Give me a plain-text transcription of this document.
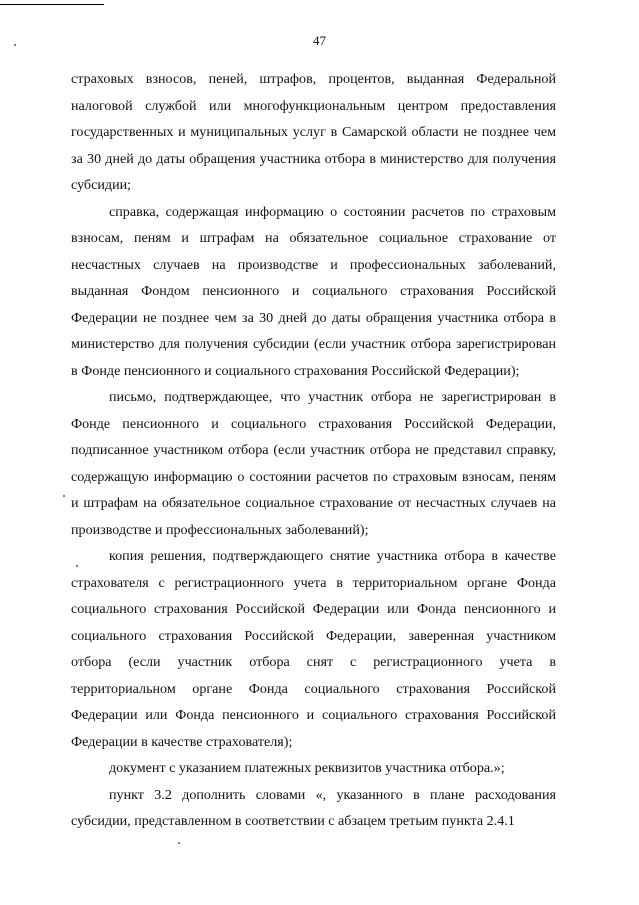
47

страховых взносов, пеней, штрафов, процентов, выданная Федеральной налоговой службой или многофункциональным центром предоставления государственных и муниципальных услуг в Самарской области не позднее чем за 30 дней до даты обращения участника отбора в министерство для получения субсидии;

справка, содержащая информацию о состоянии расчетов по страховым взносам, пеням и штрафам на обязательное социальное страхование от несчастных случаев на производстве и профессиональных заболеваний, выданная Фондом пенсионного и социального страхования Российской Федерации не позднее чем за 30 дней до даты обращения участника отбора в министерство для получения субсидии (если участник отбора зарегистрирован в Фонде пенсионного и социального страхования Российской Федерации);

письмо, подтверждающее, что участник отбора не зарегистрирован в Фонде пенсионного и социального страхования Российской Федерации, подписанное участником отбора (если участник отбора не представил справку, содержащую информацию о состоянии расчетов по страховым взносам, пеням и штрафам на обязательное социальное страхование от несчастных случаев на производстве и профессиональных заболеваний);

копия решения, подтверждающего снятие участника отбора в качестве страхователя с регистрационного учета в территориальном органе Фонда социального страхования Российской Федерации или Фонда пенсионного и социального страхования Российской Федерации, заверенная участником отбора (если участник отбора снят с регистрационного учета в территориальном органе Фонда социального страхования Российской Федерации или Фонда пенсионного и социального страхования Российской Федерации в качестве страхователя);

документ с указанием платежных реквизитов участника отбора.»;

пункт 3.2 дополнить словами «, указанного в плане расходования субсидии, представленном в соответствии с абзацем третьим пункта 2.4.1
